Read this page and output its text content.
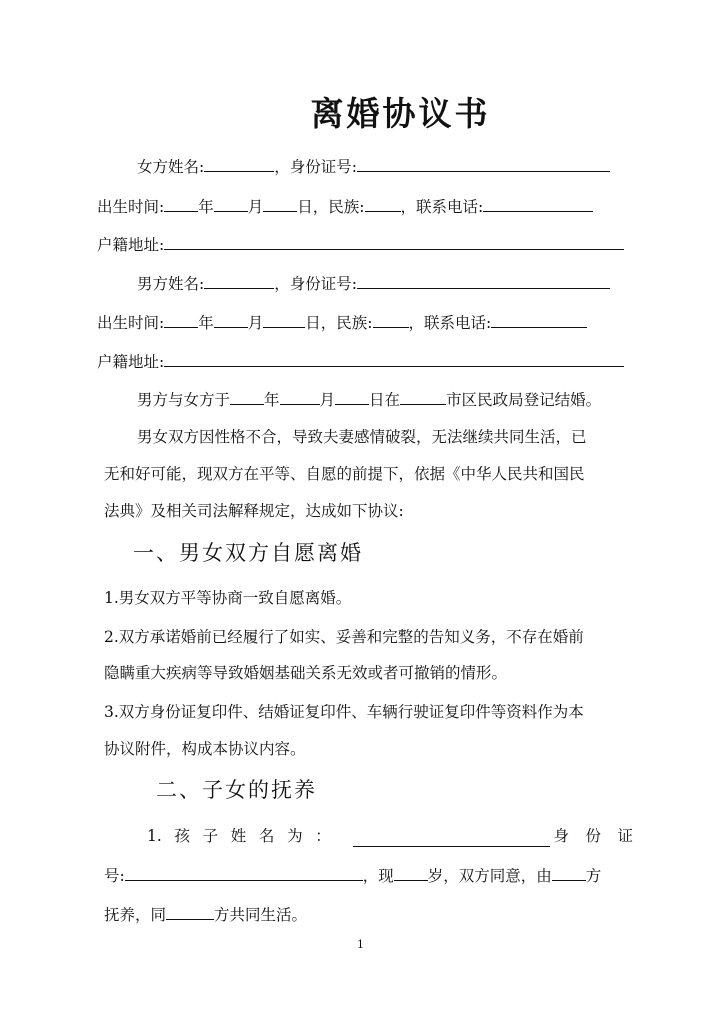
离婚协议书
女方姓名:	，身份证号:
出生时间: 年 月 日，民族: ，联系电话:
户籍地址:
男方姓名:	，身份证号:
出生时间: 年 月	日，民族: ，联系电话:
户籍地址:
男方与女方于 年	月 日在	市区民政局登记结婚。
男女双方因性格不合，导致夫妻感情破裂，无法继续共同生活，已
无和好可能，现双方在平等、自愿的前提下，依据《中华人民共和国民
法典》及相关司法解释规定，达成如下协议:
一、男女双方自愿离婚
1.男女双方平等协商一致自愿离婚。
2.双方承诺婚前已经履行了如实、妥善和完整的告知义务，不存在婚前
隐瞒重大疾病等导致婚姻基础关系无效或者可撤销的情形。
3.双方身份证复印件、结婚证复印件、车辆行驶证复印件等资料作为本
协议附件，构成本协议内容。
二、子女的抚养
1. 孩 子 姓 名 为 ：	身 份 证
号:	，现 岁，双方同意，由 方
抚养，同	方共同生活。
1
